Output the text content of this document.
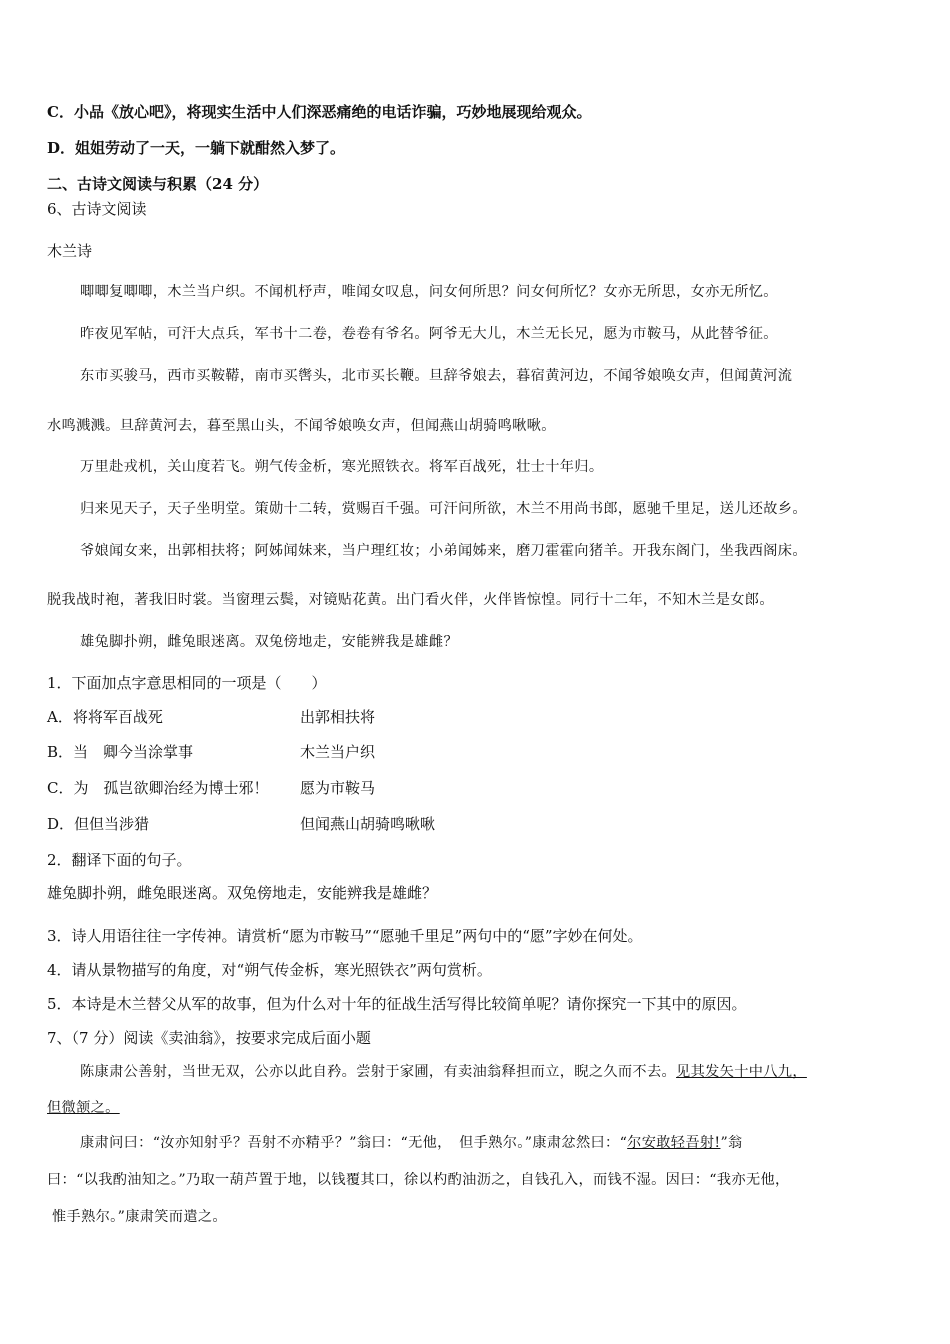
C．小品《放心吧》，将现实生活中人们深恶痛绝的电话诈骗，巧妙地展现给观众。
D．姐姐劳动了一天，一躺下就酣然入梦了。
二、古诗文阅读与积累（24 分）
6、古诗文阅读
木兰诗
唧唧复唧唧，木兰当户织。不闻机杼声，唯闻女叹息，问女何所思？问女何所忆？女亦无所思，女亦无所忆。
昨夜见军帖，可汗大点兵，军书十二卷，卷卷有爷名。阿爷无大儿，木兰无长兄，愿为市鞍马，从此替爷征。
东市买骏马，西市买鞍鞯，南市买辔头，北市买长鞭。旦辞爷娘去，暮宿黄河边，不闻爷娘唤女声，但闻黄河流
水鸣溅溅。旦辞黄河去，暮至黑山头，不闻爷娘唤女声，但闻燕山胡骑鸣啾啾。
万里赴戎机，关山度若飞。朔气传金析，寒光照铁衣。将军百战死，壮士十年归。
归来见天子，天子坐明堂。策勋十二转，赏赐百千强。可汗问所欲，木兰不用尚书郎，愿驰千里足，送儿还故乡。
爷娘闻女来，出郭相扶将；阿姊闻妹来，当户理红妆；小弟闻姊来，磨刀霍霍向猪羊。开我东阁门，坐我西阁床。
脱我战时袍，著我旧时裳。当窗理云鬓，对镜贴花黄。出门看火伴，火伴皆惊惶。同行十二年，不知木兰是女郎。
雄兔脚扑朔，雌兔眼迷离。双兔傍地走，安能辨我是雄雌？
1．下面加点字意思相同的一项是（　　）
A．将将军百战死	出郭相扶将
B．当　卿今当涂掌事	木兰当户织
C．为　孤岂欲卿治经为博士邪！ 愿为市鞍马
D．但但当涉猎	但闻燕山胡骑鸣啾啾
2．翻译下面的句子。
雄兔脚扑朔，雌兔眼迷离。双兔傍地走，安能辨我是雄雌？
3．诗人用语往往一字传神。请赏析“愿为市鞍马”“愿驰千里足”两句中的“愿”字妙在何处。
4．请从景物描写的角度，对“朔气传金柝，寒光照铁衣”两句赏析。
5．本诗是木兰替父从军的故事，但为什么对十年的征战生活写得比较简单呢？请你探究一下其中的原因。
7、（7 分）阅读《卖油翁》，按要求完成后面小题
陈康肃公善射，当世无双，公亦以此自矜。尝射于家圃，有卖油翁释担而立，睨之久而不去。见其发矢十中八九，
但微颔之。
康肃问曰：“汝亦知射乎？吾射不亦精乎？”翁曰：“无他，　但手熟尔。”康肃忿然曰：“尔安敢轻吾射!”翁
曰：“以我酌油知之。”乃取一葫芦置于地，以钱覆其口，徐以杓酌油沥之，自钱孔入，而钱不湿。因曰：“我亦无他，
惟手熟尔。”康肃笑而遣之。
